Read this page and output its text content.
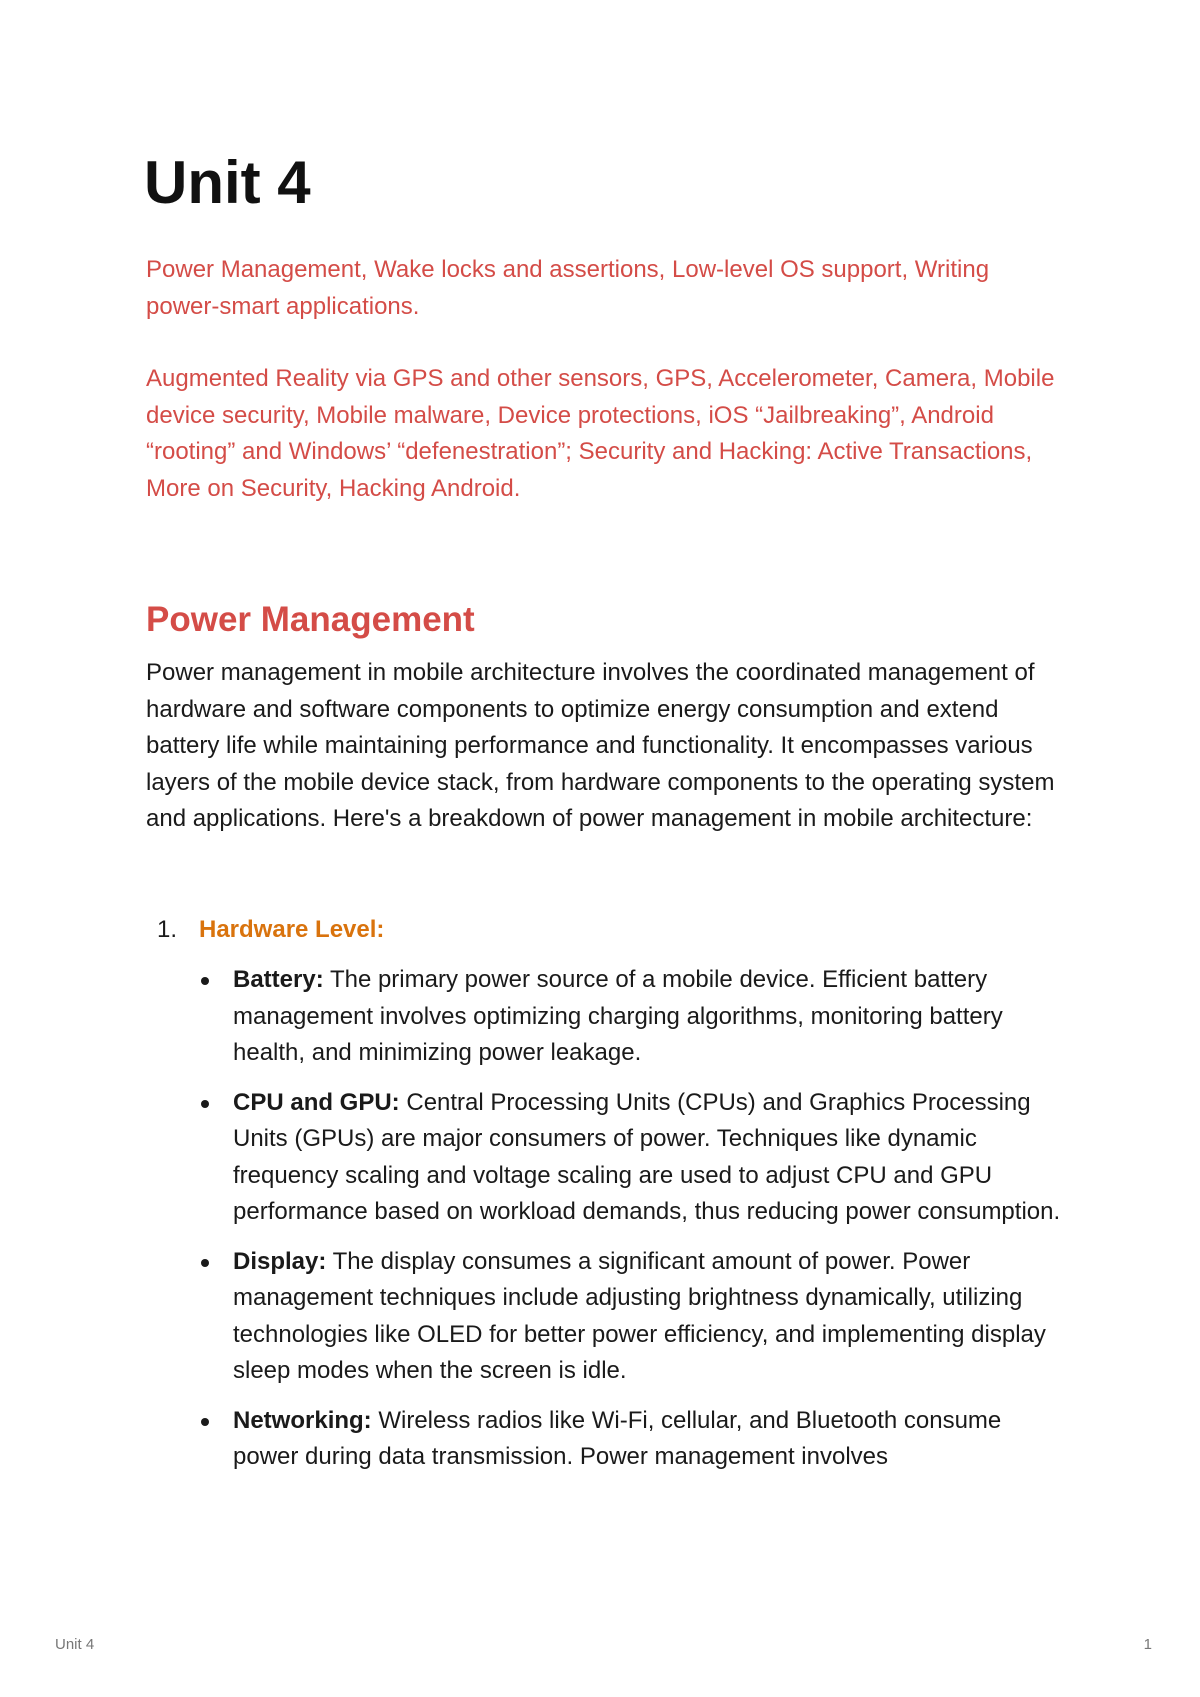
Unit 4

Power Management, Wake locks and assertions, Low-level OS support, Writing power-smart applications.

Augmented Reality via GPS and other sensors, GPS, Accelerometer, Camera, Mobile device security, Mobile malware, Device protections, iOS “Jailbreaking”, Android “rooting” and Windows’ “defenestration”; Security and Hacking: Active Transactions, More on Security, Hacking Android.

Power Management

Power management in mobile architecture involves the coordinated management of hardware and software components to optimize energy consumption and extend battery life while maintaining performance and functionality. It encompasses various layers of the mobile device stack, from hardware components to the operating system and applications. Here's a breakdown of power management in mobile architecture:

1. Hardware Level:
Battery: The primary power source of a mobile device. Efficient battery management involves optimizing charging algorithms, monitoring battery health, and minimizing power leakage.
CPU and GPU: Central Processing Units (CPUs) and Graphics Processing Units (GPUs) are major consumers of power. Techniques like dynamic frequency scaling and voltage scaling are used to adjust CPU and GPU performance based on workload demands, thus reducing power consumption.
Display: The display consumes a significant amount of power. Power management techniques include adjusting brightness dynamically, utilizing technologies like OLED for better power efficiency, and implementing display sleep modes when the screen is idle.
Networking: Wireless radios like Wi-Fi, cellular, and Bluetooth consume power during data transmission. Power management involves
Unit 4	1
